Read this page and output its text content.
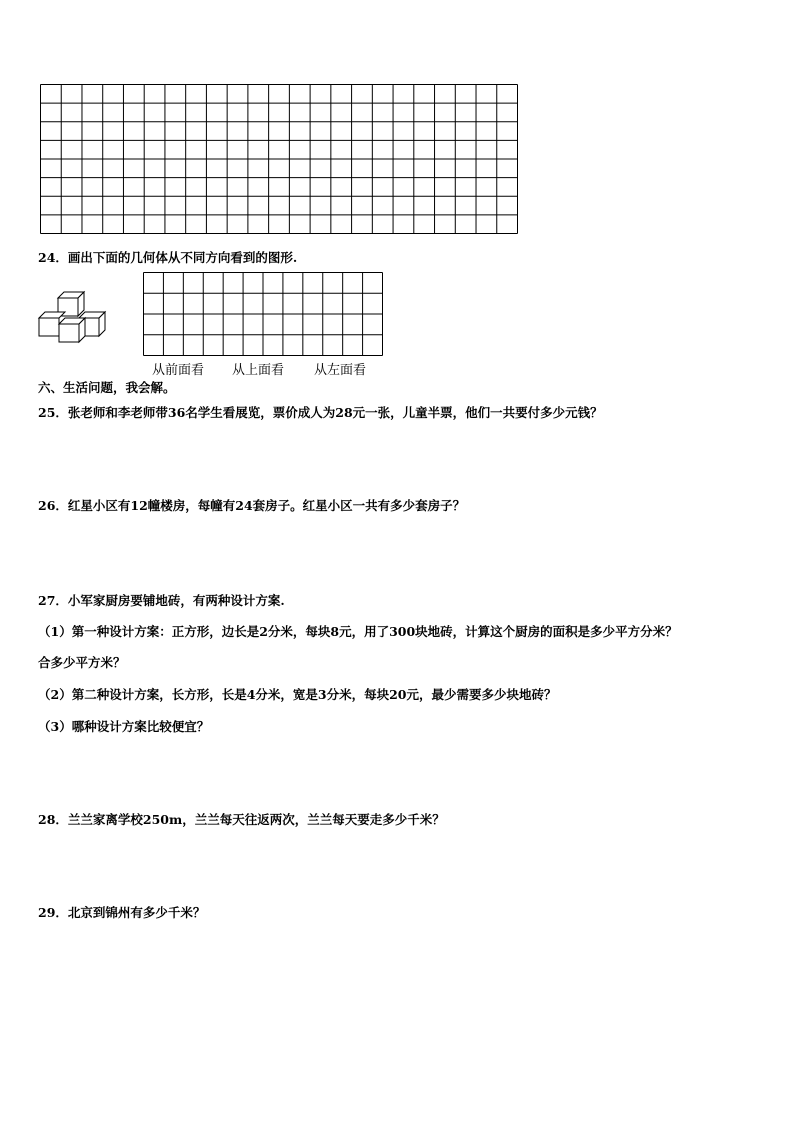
24．画出下面的几何体从不同方向看到的图形.
从前面看 从上面看 从左面看
六、生活问题，我会解。
25．张老师和李老师带36名学生看展览，票价成人为28元一张，儿童半票，他们一共要付多少元钱？
26．红星小区有12幢楼房，每幢有24套房子。红星小区一共有多少套房子？
27．小军家厨房要铺地砖，有两种设计方案.
（1）第一种设计方案：正方形，边长是2分米，每块8元，用了300块地砖，计算这个厨房的面积是多少平方分米？
合多少平方米？
（2）第二种设计方案，长方形，长是4分米，宽是3分米，每块20元，最少需要多少块地砖？
（3）哪种设计方案比较便宜？
28．兰兰家离学校250m，兰兰每天往返两次，兰兰每天要走多少千米？
29．北京到锦州有多少千米？
